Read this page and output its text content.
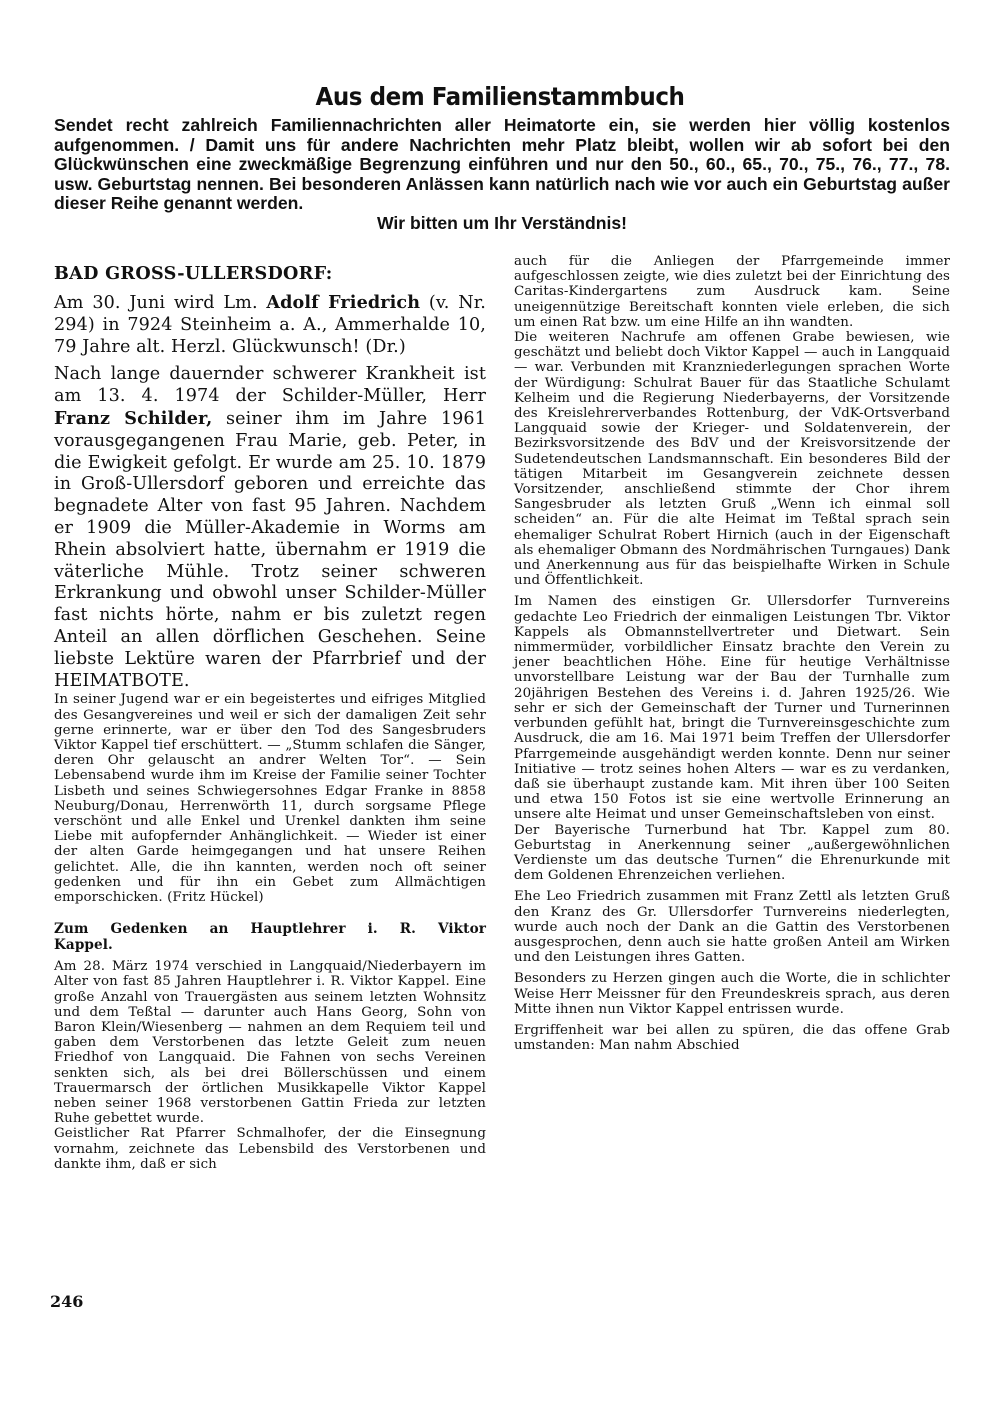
Aus dem Familienstammbuch
Sendet recht zahlreich Familiennachrichten aller Heimatorte ein, sie werden hier völlig kostenlos aufgenommen. / Damit uns für andere Nachrichten mehr Platz bleibt, wollen wir ab sofort bei den Glückwünschen eine zweckmäßige Begrenzung einführen und nur den 50., 60., 65., 70., 75., 76., 77., 78. usw. Geburtstag nennen. Bei besonderen Anlässen kann natürlich nach wie vor auch ein Geburtstag außer dieser Reihe genannt werden.
Wir bitten um Ihr Verständnis!
BAD GROSS-ULLERSDORF:

Am 30. Juni wird Lm. Adolf Friedrich (v. Nr. 294) in 7924 Steinheim a. A., Ammerhalde 10, 79 Jahre alt. Herzl. Glückwunsch! (Dr.)

Nach lange dauernder schwerer Krankheit ist am 13. 4. 1974 der Schilder-Müller, Herr Franz Schilder, seiner ihm im Jahre 1961 vorausgegangenen Frau Marie, geb. Peter, in die Ewigkeit gefolgt. Er wurde am 25. 10. 1879 in Groß-Ullersdorf geboren und erreichte das begnadete Alter von fast 95 Jahren. Nachdem er 1909 die Müller-Akademie in Worms am Rhein absolviert hatte, übernahm er 1919 die väterliche Mühle. Trotz seiner schweren Erkrankung und obwohl unser Schilder-Müller fast nichts hörte, nahm er bis zuletzt regen Anteil an allen dörflichen Geschehen. Seine liebste Lektüre waren der Pfarrbrief und der HEIMATBOTE.

In seiner Jugend war er ein begeistertes und eifriges Mitglied des Gesangvereines und weil er sich der damaligen Zeit sehr gerne erinnerte, war er über den Tod des Sangesbruders Viktor Kappel tief erschüttert. — „Stumm schlafen die Sänger, deren Ohr gelauscht an andrer Welten Tor“. — Sein Lebensabend wurde ihm im Kreise der Familie seiner Tochter Lisbeth und seines Schwiegersohnes Edgar Franke in 8858 Neuburg/Donau, Herrenwörth 11, durch sorgsame Pflege verschönt und alle Enkel und Urenkel dankten ihm seine Liebe mit aufopfernder Anhänglichkeit. — Wieder ist einer der alten Garde heimgegangen und hat unsere Reihen gelichtet. Alle, die ihn kannten, werden noch oft seiner gedenken und für ihn ein Gebet zum Allmächtigen emporschicken. (Fritz Hückel)

Zum Gedenken an Hauptlehrer i. R. Viktor Kappel.

Am 28. März 1974 verschied in Langquaid/Niederbayern im Alter von fast 85 Jahren Hauptlehrer i. R. Viktor Kappel. Eine große Anzahl von Trauergästen aus seinem letzten Wohnsitz und dem Teßtal — darunter auch Hans Georg, Sohn von Baron Klein/Wiesenberg — nahmen an dem Requiem teil und gaben dem Verstorbenen das letzte Geleit zum neuen Friedhof von Langquaid. Die Fahnen von sechs Vereinen senkten sich, als bei drei Böllerschüssen und einem Trauermarsch der örtlichen Musikkapelle Viktor Kappel neben seiner 1968 verstorbenen Gattin Frieda zur letzten Ruhe gebettet wurde.

Geistlicher Rat Pfarrer Schmalhofer, der die Einsegnung vornahm, zeichnete das Lebensbild des Verstorbenen und dankte ihm, daß er sich

auch für die Anliegen der Pfarrgemeinde immer aufgeschlossen zeigte, wie dies zuletzt bei der Einrichtung des Caritas-Kindergartens zum Ausdruck kam. Seine uneigennützige Bereitschaft konnten viele erleben, die sich um einen Rat bzw. um eine Hilfe an ihn wandten.

Die weiteren Nachrufe am offenen Grabe bewiesen, wie geschätzt und beliebt doch Viktor Kappel — auch in Langquaid — war. Verbunden mit Kranzniederlegungen sprachen Worte der Würdigung: Schulrat Bauer für das Staatliche Schulamt Kelheim und die Regierung Niederbayerns, der Vorsitzende des Kreislehrerverbandes Rottenburg, der VdK-Ortsverband Langquaid sowie der Krieger- und Soldatenverein, der Bezirksvorsitzende des BdV und der Kreisvorsitzende der Sudetendeutschen Landsmannschaft. Ein besonderes Bild der tätigen Mitarbeit im Gesangverein zeichnete dessen Vorsitzender, anschließend stimmte der Chor ihrem Sangesbruder als letzten Gruß „Wenn ich einmal soll scheiden“ an. Für die alte Heimat im Teßtal sprach sein ehemaliger Schulrat Robert Hirnich (auch in der Eigenschaft als ehemaliger Obmann des Nordmährischen Turngaues) Dank und Anerkennung aus für das beispielhafte Wirken in Schule und Öffentlichkeit.

Im Namen des einstigen Gr. Ullersdorfer Turnvereins gedachte Leo Friedrich der einmaligen Leistungen Tbr. Viktor Kappels als Obmannstellvertreter und Dietwart. Sein nimmermüder, vorbildlicher Einsatz brachte den Verein zu jener beachtlichen Höhe. Eine für heutige Verhältnisse unvorstellbare Leistung war der Bau der Turnhalle zum 20jährigen Bestehen des Vereins i. d. Jahren 1925/26. Wie sehr er sich der Gemeinschaft der Turner und Turnerinnen verbunden gefühlt hat, bringt die Turnvereinsgeschichte zum Ausdruck, die am 16. Mai 1971 beim Treffen der Ullersdorfer Pfarrgemeinde ausgehändigt werden konnte. Denn nur seiner Initiative — trotz seines hohen Alters — war es zu verdanken, daß sie überhaupt zustande kam. Mit ihren über 100 Seiten und etwa 150 Fotos ist sie eine wertvolle Erinnerung an unsere alte Heimat und unser Gemeinschaftsleben von einst.

Der Bayerische Turnerbund hat Tbr. Kappel zum 80. Geburtstag in Anerkennung seiner „außergewöhnlichen Verdienste um das deutsche Turnen“ die Ehrenurkunde mit dem Goldenen Ehrenzeichen verliehen.

Ehe Leo Friedrich zusammen mit Franz Zettl als letzten Gruß den Kranz des Gr. Ullersdorfer Turnvereins niederlegten, wurde auch noch der Dank an die Gattin des Verstorbenen ausgesprochen, denn auch sie hatte großen Anteil am Wirken und den Leistungen ihres Gatten.

Besonders zu Herzen gingen auch die Worte, die in schlichter Weise Herr Meissner für den Freundeskreis sprach, aus deren Mitte ihnen nun Viktor Kappel entrissen wurde.

Ergriffenheit war bei allen zu spüren, die das offene Grab umstanden: Man nahm Abschied

246
